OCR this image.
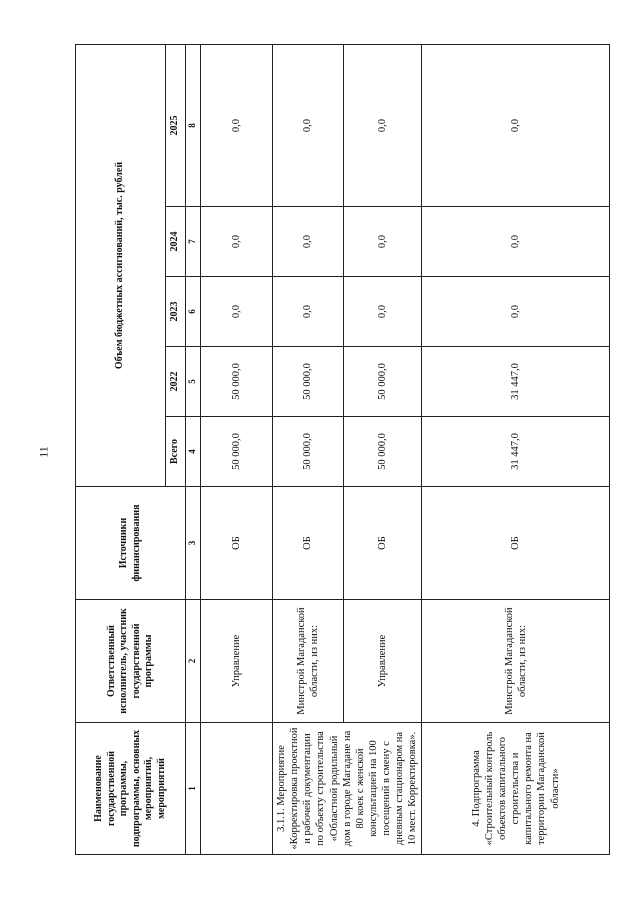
11
Наименование государственной программы, подпрограммы, основных мероприятий, мероприятий	Ответственный исполнитель, участник государственной программы	Источники финансирования	Объем бюджетных ассигнований, тыс. рублей				
			Всего	2022	2023	2024	2025
1	2	3	4	5	6	7	8
	Управление	ОБ	50 000,0	50 000,0	0,0	0,0	0,0
3.1.1. Мероприятие «Корректировка проектной и рабочей документации по объекту строительства «Областной родильный дом в городе Магадане на 80 коек с женской консультацией на 100 посещений в смену с дневным стационаром на 10 мест. Корректировка».	Минстрой Магаданской области, из них:	ОБ	50 000,0	50 000,0	0,0	0,0	0,0
	Управление	ОБ	50 000,0	50 000,0	0,0	0,0	0,0
4. Подпрограмма «Строительный контроль объектов капитального строительства и капитального ремонта на территории Магаданской области»	Минстрой Магаданской области, из них:	ОБ	31 447,0	31 447,0	0,0	0,0	0,0
